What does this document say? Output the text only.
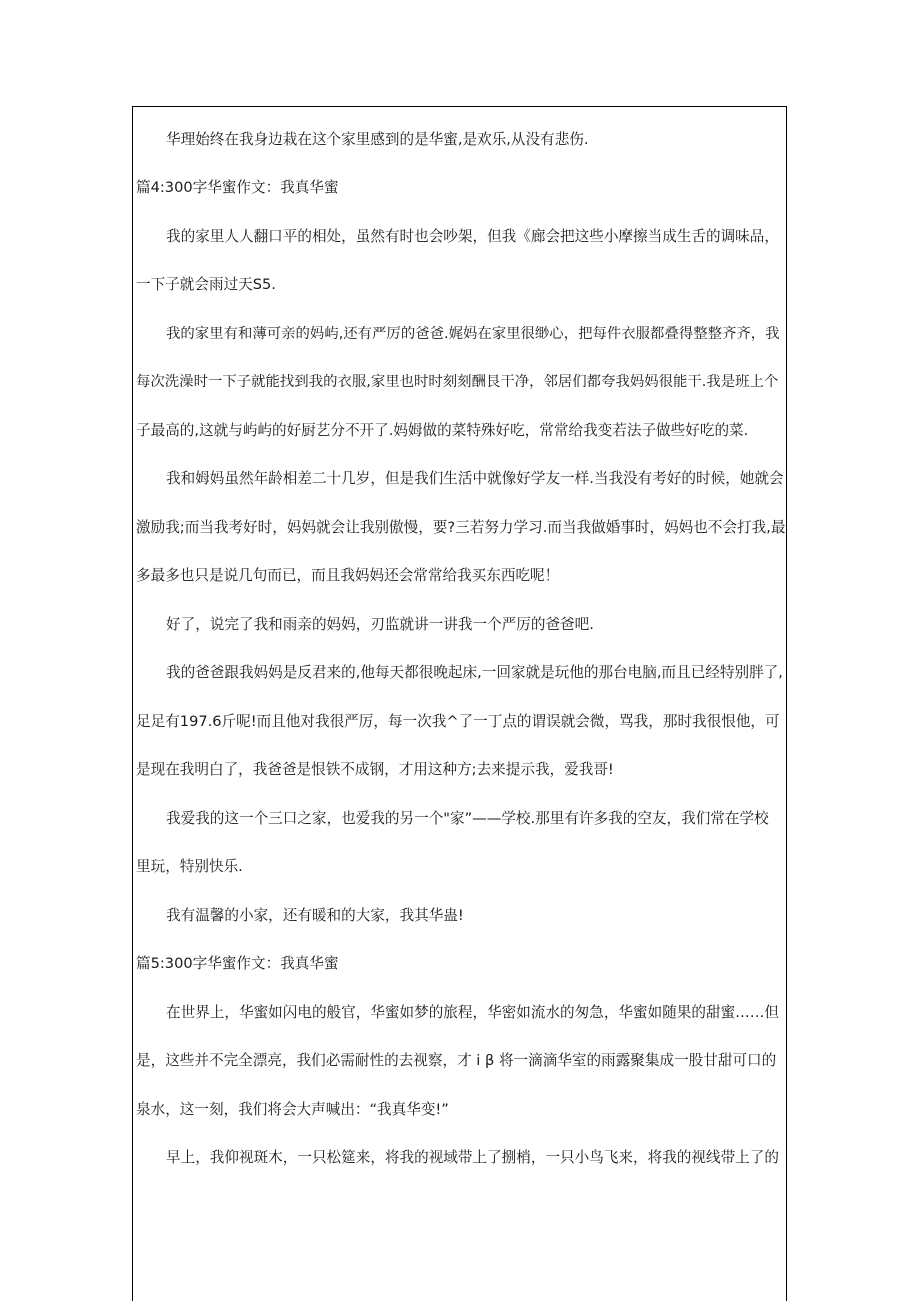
华理始终在我身边栽在这个家里感到的是华蜜,是欢乐,从没有悲伤.
篇4:300字华蜜作文：我真华蜜
我的家里人人翻口平的相处，虽然有时也会吵架，但我《廊会把这些小摩擦当成生舌的调味品，
一下子就会雨过天S5.
我的家里有和薄可亲的妈屿,还有严厉的爸爸.娓妈在家里很缈心，把每件衣服都叠得整整齐齐，我
每次洗澡时一下子就能找到我的衣服,家里也时时刻刻酬艮干净，邻居们都夸我妈妈很能干.我是班上个
子最高的,这就与屿屿的好厨艺分不开了.妈姆做的菜特殊好吃，常常给我变若法子做些好吃的菜.
我和姆妈虽然年龄相差二十几岁，但是我们生活中就像好学友一样.当我没有考好的时候，她就会
激励我;而当我考好时，妈妈就会让我别傲慢，要?三若努力学习.而当我做婚事时，妈妈也不会打我,最
多最多也只是说几句而已，而且我妈妈还会常常给我买东西吃呢！
好了，说完了我和雨亲的妈妈，刃监就讲一讲我一个严厉的爸爸吧.
我的爸爸跟我妈妈是反君来的,他每天都很晚起床,一回家就是玩他的那台电脑,而且已经特别胖了,
足足有197.6斤呢!而且他对我很严厉，每一次我^了一丁点的谓误就会微，骂我，那时我很恨他，可
是现在我明白了，我爸爸是恨铁不成钢，才用这种方;去来提示我，爱我哥!
我爱我的这一个三口之家，也爱我的另一个"家”——学校.那里有许多我的空友，我们常在学校
里玩，特别快乐.
我有温馨的小家，还有暖和的大家，我其华蛊!
篇5:300字华蜜作文：我真华蜜
在世界上，华蜜如闪电的般官，华蜜如梦的旅程，华密如流水的匆急，华蜜如随果的甜蜜……但
是，这些并不完全漂亮，我们必需耐性的去视察，才 i β 将一滴滴华室的雨露聚集成一股甘甜可口的
泉水，这一刻，我们将会大声喊出：“我真华变!”
早上，我仰视斑木，一只松筵来，将我的视域带上了捌梢，一只小鸟飞来，将我的视线带上了的
